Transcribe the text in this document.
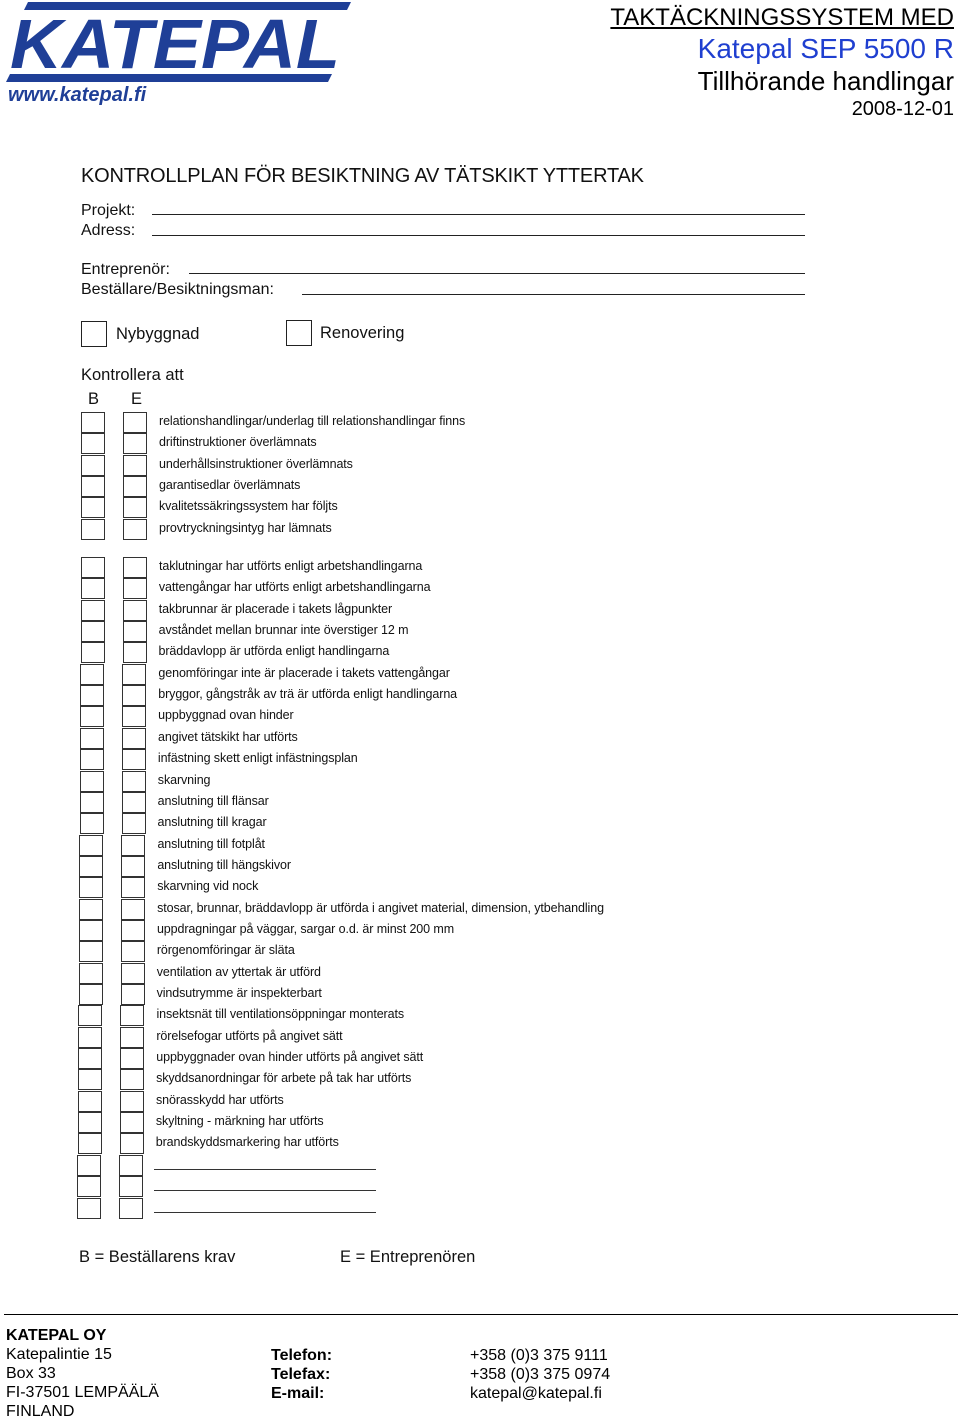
KATEPAL
www.katepal.fi
TAKTÄCKNINGSSYSTEM MED
Katepal SEP 5500 R
Tillhörande handlingar
2008-12-01
KONTROLLPLAN FÖR BESIKTNING AV TÄTSKIKT YTTERTAK
Projekt:
Adress:
Entreprenör:
Beställare/Besiktningsman:
Nybyggnad	Renovering
Kontrollera att
B E
relationshandlingar/underlag till relationshandlingar finns
driftinstruktioner överlämnats
underhållsinstruktioner överlämnats
garantisedlar överlämnats
kvalitetssäkringssystem har följts
provtryckningsintyg har lämnats
taklutningar har utförts enligt arbetshandlingarna
vattengångar har utförts enligt arbetshandlingarna
takbrunnar är placerade i takets lågpunkter
avståndet mellan brunnar inte överstiger 12 m
bräddavlopp är utförda enligt handlingarna
genomföringar inte är placerade i takets vattengångar
bryggor, gångstråk av trä är utförda enligt handlingarna
uppbyggnad ovan hinder
angivet tätskikt har utförts
infästning skett enligt infästningsplan
skarvning
anslutning till flänsar
anslutning till kragar
anslutning till fotplåt
anslutning till hängskivor
skarvning vid nock
stosar, brunnar, bräddavlopp är utförda i angivet material, dimension, ytbehandling
uppdragningar på väggar, sargar o.d. är minst 200 mm
rörgenomföringar är släta
ventilation av yttertak är utförd
vindsutrymme är inspekterbart
insektsnät till ventilationsöppningar monterats
rörelsefogar utförts på angivet sätt
uppbyggnader ovan hinder utförts på angivet sätt
skyddsanordningar för arbete på tak har utförts
snörasskydd har utförts
skyltning - märkning har utförts
brandskyddsmarkering har utförts
B = Beställarens krav	E = Entreprenören
KATEPAL OY
Katepalintie 15
Box 33
FI-37501 LEMPÄÄLÄ
FINLAND
Telefon:
Telefax:
E-mail:
+358 (0)3 375 9111
+358 (0)3 375 0974
katepal@katepal.fi
